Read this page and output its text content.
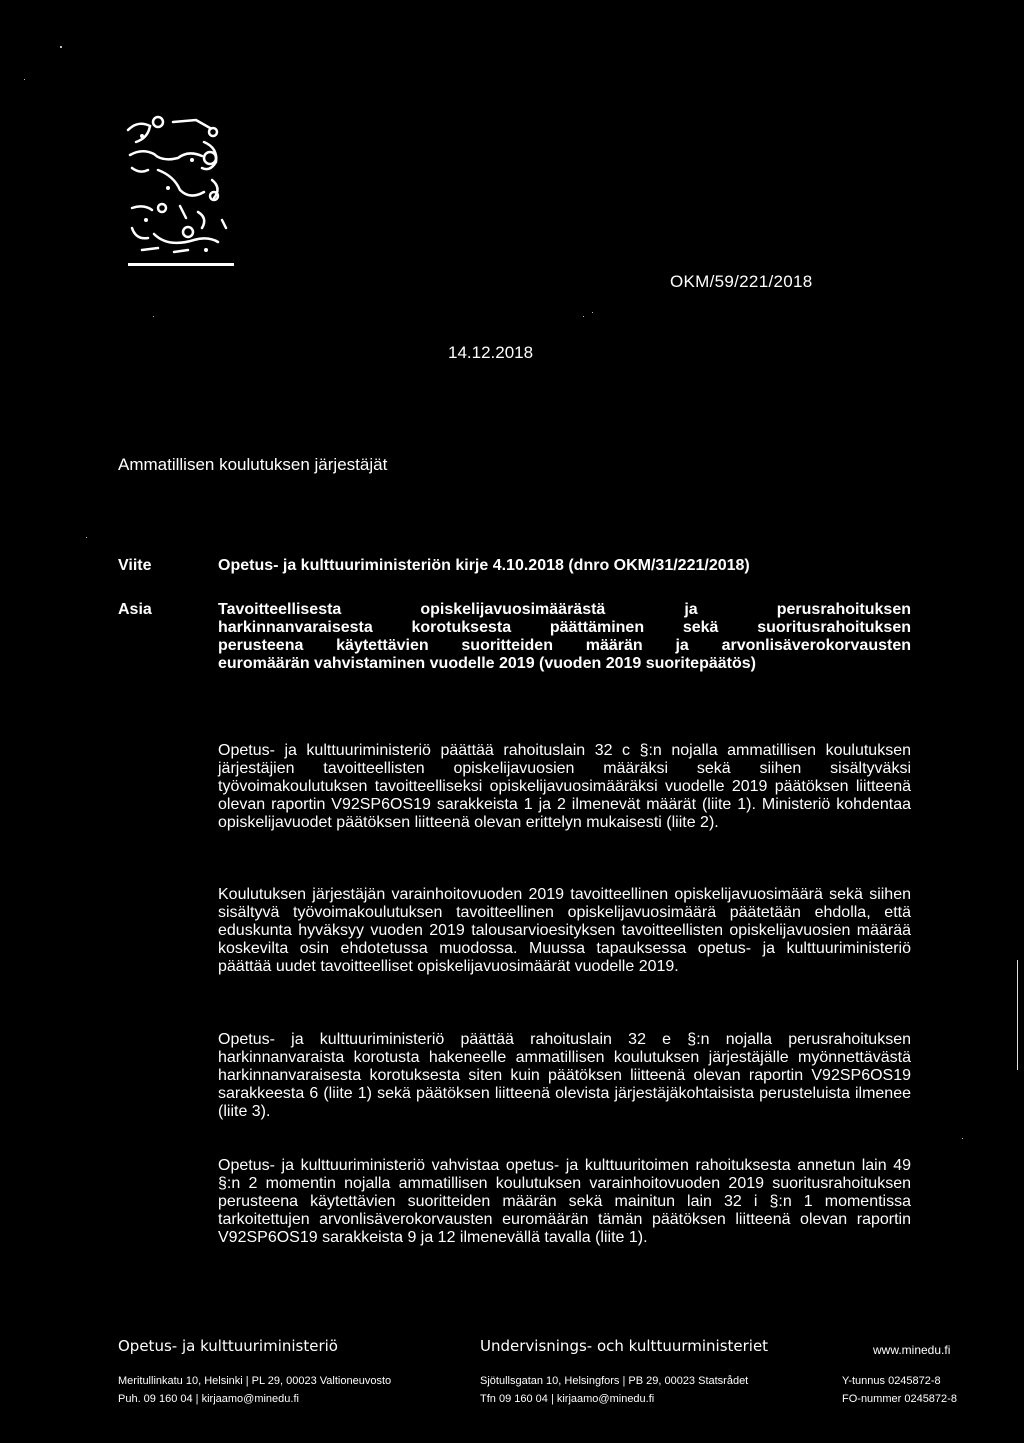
OKM/59/221/2018
14.12.2018
Ammatillisen koulutuksen järjestäjät
Viite	Opetus- ja kulttuuriministeriön kirje 4.10.2018 (dnro OKM/31/221/2018)
Asia	Tavoitteellisesta opiskelijavuosimäärästä ja perusrahoituksen

harkinnanvaraisesta korotuksesta päättäminen sekä suoritusrahoituksen

perusteena käytettävien suoritteiden määrän ja arvonlisäverokorvausten

euromäärän vahvistaminen vuodelle 2019 (vuoden 2019 suoritepäätös)

Opetus- ja kulttuuriministeriö päättää rahoituslain 32 c §:n nojalla ammatillisen koulutuksen järjestäjien tavoitteellisten opiskelijavuosien määräksi sekä siihen sisältyväksi työvoimakoulutuksen tavoitteelliseksi opiskelijavuosimääräksi vuodelle 2019 päätöksen liitteenä olevan raportin V92SP6OS19 sarakkeista 1 ja 2 ilmenevät määrät (liite 1). Ministeriö kohdentaa opiskelijavuodet päätöksen liitteenä olevan erittelyn mukaisesti (liite 2).

Koulutuksen järjestäjän varainhoitovuoden 2019 tavoitteellinen opiskelijavuosimäärä sekä siihen sisältyvä työvoimakoulutuksen tavoitteellinen opiskelijavuosimäärä päätetään ehdolla, että eduskunta hyväksyy vuoden 2019 talousarvioesityksen tavoitteellisten opiskelijavuosien määrää koskevilta osin ehdotetussa muodossa. Muussa tapauksessa opetus- ja kulttuuriministeriö päättää uudet tavoitteelliset opiskelijavuosimäärät vuodelle 2019.

Opetus- ja kulttuuriministeriö päättää rahoituslain 32 e §:n nojalla perusrahoituksen harkinnanvaraista korotusta hakeneelle ammatillisen koulutuksen järjestäjälle myönnettävästä harkinnanvaraisesta korotuksesta siten kuin päätöksen liitteenä olevan raportin V92SP6OS19 sarakkeesta 6 (liite 1) sekä päätöksen liitteenä olevista järjestäjäkohtaisista perusteluista ilmenee (liite 3).

Opetus- ja kulttuuriministeriö vahvistaa opetus- ja kulttuuritoimen rahoituksesta annetun lain 49 §:n 2 momentin nojalla ammatillisen koulutuksen varainhoitovuoden 2019 suoritusrahoituksen perusteena käytettävien suoritteiden määrän sekä mainitun lain 32 i §:n 1 momentissa tarkoitettujen arvonlisäverokorvausten euromäärän tämän päätöksen liitteenä olevan raportin V92SP6OS19 sarakkeista 9 ja 12 ilmenevällä tavalla (liite 1).

Opetus- ja kulttuuriministeriö	Undervisnings- och kulttuurministeriet	www.minedu.fi
Meritullinkatu 10, Helsinki | PL 29, 00023 Valtioneuvosto
Puh. 09 160 04 | kirjaamo@minedu.fi
Sjötullsgatan 10, Helsingfors | PB 29, 00023 Statsrådet
Tfn 09 160 04 | kirjaamo@minedu.fi
Y-tunnus 0245872-8
FO-nummer 0245872-8
